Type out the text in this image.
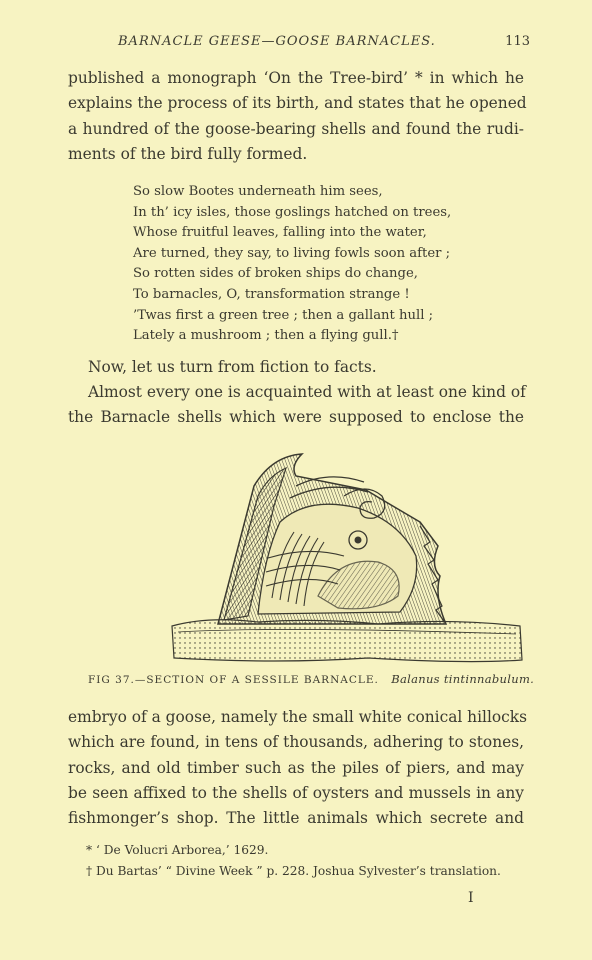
BARNACLE GEESE—GOOSE BARNACLES.	113
published a monograph ‘On the Tree-bird’ * in which he
explains the process of its birth, and states that he opened
a hundred of the goose-bearing shells and found the rudi-
ments of the bird fully formed.
So slow Bootes underneath him sees,
In th’ icy isles, those goslings hatched on trees,
Whose fruitful leaves, falling into the water,
Are turned, they say, to living fowls soon after ;
So rotten sides of broken ships do change,
To barnacles, O, transformation strange !
’Twas first a green tree ; then a gallant hull ;
Lately a mushroom ; then a flying gull.†
Now, let us turn from fiction to facts.
Almost every one is acquainted with at least one kind of
the Barnacle shells which were supposed to enclose the
FIG 37.—SECTION OF A SESSILE BARNACLE. Balanus tintinnabulum.
embryo of a goose, namely the small white conical hillocks
which are found, in tens of thousands, adhering to stones,
rocks, and old timber such as the piles of piers, and may
be seen affixed to the shells of oysters and mussels in any
fishmonger’s shop. The little animals which secrete and
* ‘ De Volucri Arborea,’ 1629.
† Du Bartas’ “ Divine Week ” p. 228. Joshua Sylvester’s translation.
I
